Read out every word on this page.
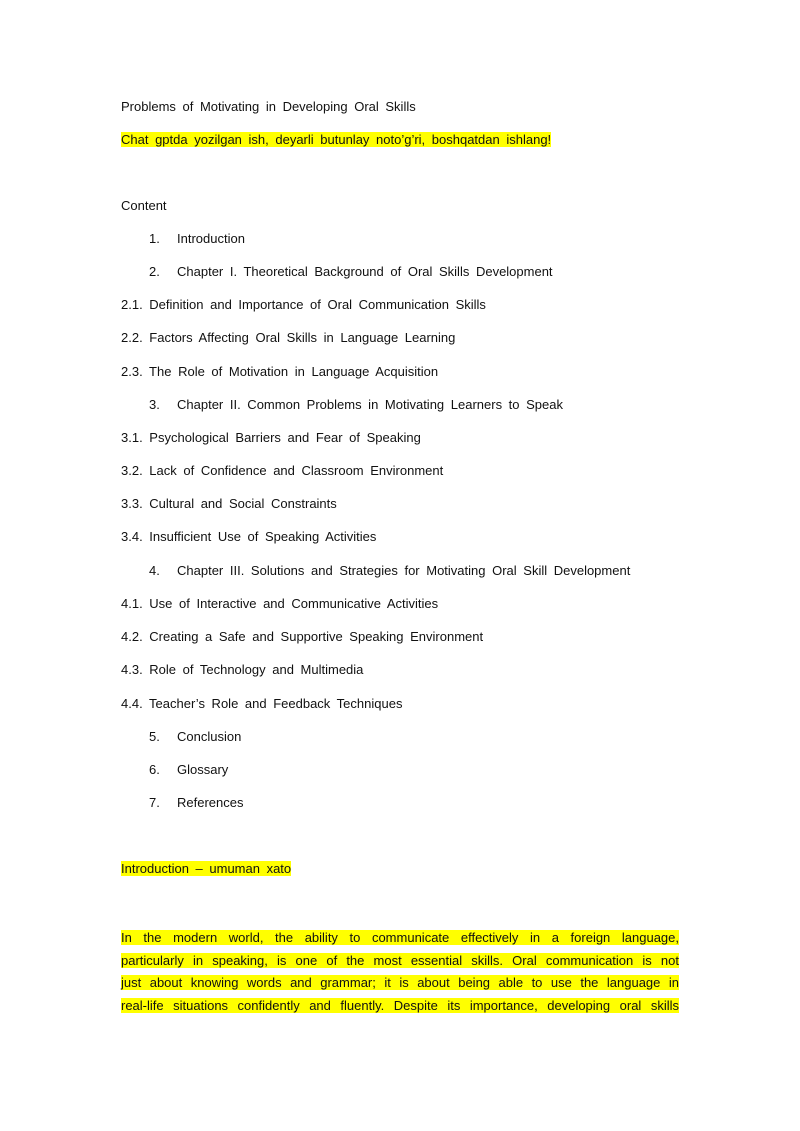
Problems of Motivating in Developing Oral Skills
Chat gptda yozilgan ish, deyarli butunlay noto’g’ri, boshqatdan ishlang!
Content
1. Introduction
2. Chapter I. Theoretical Background of Oral Skills Development
2.1. Definition and Importance of Oral Communication Skills
2.2. Factors Affecting Oral Skills in Language Learning
2.3. The Role of Motivation in Language Acquisition
3. Chapter II. Common Problems in Motivating Learners to Speak
3.1. Psychological Barriers and Fear of Speaking
3.2. Lack of Confidence and Classroom Environment
3.3. Cultural and Social Constraints
3.4. Insufficient Use of Speaking Activities
4. Chapter III. Solutions and Strategies for Motivating Oral Skill Development
4.1. Use of Interactive and Communicative Activities
4.2. Creating a Safe and Supportive Speaking Environment
4.3. Role of Technology and Multimedia
4.4. Teacher’s Role and Feedback Techniques
5. Conclusion
6. Glossary
7. References
Introduction – umuman xato
In the modern world, the ability to communicate effectively in a foreign language,
particularly in speaking, is one of the most essential skills. Oral communication is not
just about knowing words and grammar; it is about being able to use the language in
real-life situations confidently and fluently. Despite its importance, developing oral skills
